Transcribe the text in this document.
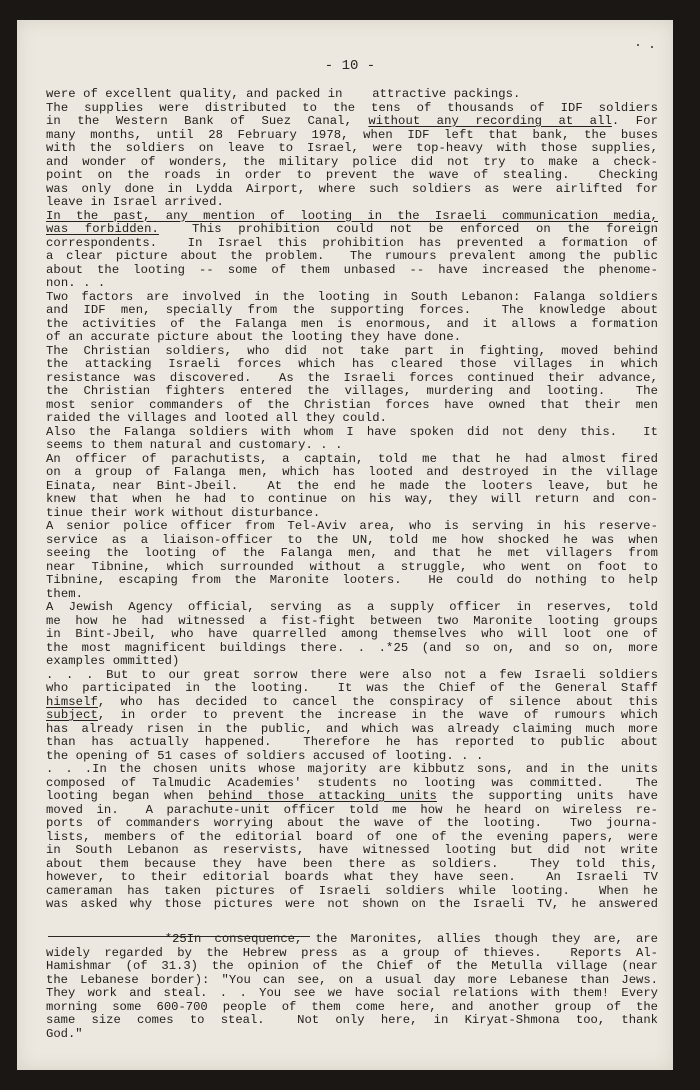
- 10 -
were of excellent quality, and packed in    attractive packings.
The supplies were distributed to the tens of thousands of IDF soldiers
in the Western Bank of Suez Canal, without any recording at all. For
many months, until 28 February 1978, when IDF left that bank, the buses
with the soldiers on leave to Israel, were top-heavy with those supplies,
and wonder of wonders, the military police did not try to make a check-
point on the roads in order to prevent the wave of stealing.  Checking
was only done in Lydda Airport, where such soldiers as were airlifted for
leave in Israel arrived.
In the past, any mention of looting in the Israeli communication media,
was forbidden.  This prohibition could not be enforced on the foreign
correspondents.  In Israel this prohibition has prevented a formation of
a clear picture about the problem.  The rumours prevalent among the public
about the looting -- some of them unbased -- have increased the phenome-
non. . .
Two factors are involved in the looting in South Lebanon: Falanga soldiers
and IDF men, specially from the supporting forces.  The knowledge about
the activities of the Falanga men is enormous, and it allows a formation
of an accurate picture about the looting they have done.
The Christian soldiers, who did not take part in fighting, moved behind
the attacking Israeli forces which has cleared those villages in which
resistance was discovered.  As the Israeli forces continued their advance,
the Christian fighters entered the villages, murdering and looting.  The
most senior commanders of the Christian forces have owned that their men
raided the villages and looted all they could.
Also the Falanga soldiers with whom I have spoken did not deny this.  It
seems to them natural and customary. . .
An officer of parachutists, a captain, told me that he had almost fired
on a group of Falanga men, which has looted and destroyed in the village
Einata, near Bint-Jbeil.  At the end he made the looters leave, but he
knew that when he had to continue on his way, they will return and con-
tinue their work without disturbance.
A senior police officer from Tel-Aviv area, who is serving in his reserve-
service as a liaison-officer to the UN, told me how shocked he was when
seeing the looting of the Falanga men, and that he met villagers from
near Tibnine, which surrounded without a struggle, who went on foot to
Tibnine, escaping from the Maronite looters.  He could do nothing to help
them.
A Jewish Agency official, serving as a supply officer in reserves, told
me how he had witnessed a fist-fight between two Maronite looting groups
in Bint-Jbeil, who have quarrelled among themselves who will loot one of
the most magnificent buildings there. . .*25 (and so on, and so on, more
examples ommitted)
. . . But to our great sorrow there were also not a few Israeli soldiers
who participated in the looting.  It was the Chief of the General Staff
himself, who has decided to cancel the conspiracy of silence about this
subject, in order to prevent the increase in the wave of rumours which
has already risen in the public, and which was already claiming much more
than has actually happened.  Therefore he has reported to public about
the opening of 51 cases of soldiers accused of looting. . .
. . .In the chosen units whose majority are kibbutz sons, and in the units
composed of Talmudic Academies' students no looting was committed.  The
looting began when behind those attacking units the supporting units have
moved in.  A parachute-unit officer told me how he heard on wireless re-
ports of commanders worrying about the wave of the looting.  Two journa-
lists, members of the editorial board of one of the evening papers, were
in South Lebanon as reservists, have witnessed looting but did not write
about them because they have been there as soldiers.  They told this,
however, to their editorial boards what they have seen.  An Israeli TV
cameraman has taken pictures of Israeli soldiers while looting.  When he
was asked why those pictures were not shown on the Israeli TV, he answered
*25In consequence, the Maronites, allies though they are, are
widely regarded by the Hebrew press as a group of thieves.  Reports Al-
Hamishmar (of 31.3) the opinion of the Chief of the Metulla village (near
the Lebanese border): "You can see, on a usual day more Lebanese than Jews.
They work and steal. . . You see we have social relations with them! Every
morning some 600-700 people of them come here, and another group of the
same size comes to steal.  Not only here, in Kiryat-Shmona too, thank
God."
